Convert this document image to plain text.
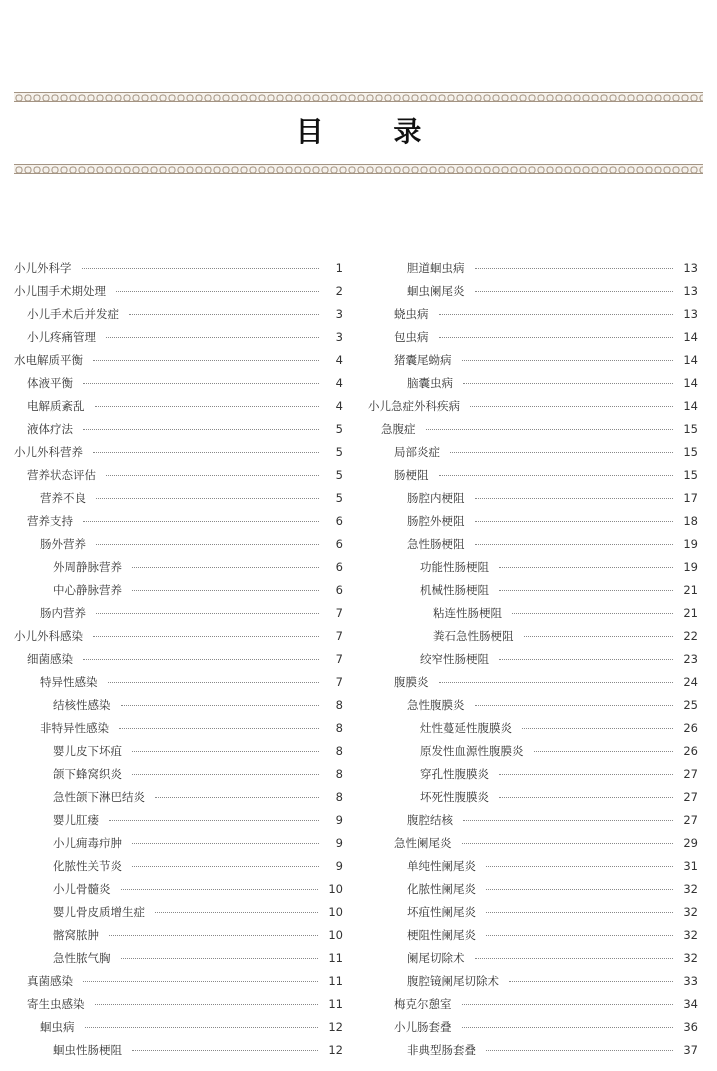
目 录
小儿外科学	1
小儿围手术期处理	2
小儿手术后并发症	3
小儿疼痛管理	3
水电解质平衡	4
体液平衡	4
电解质紊乱	4
液体疗法	5
小儿外科营养	5
营养状态评估	5
营养不良	5
营养支持	6
肠外营养	6
外周静脉营养	6
中心静脉营养	6
肠内营养	7
小儿外科感染	7
细菌感染	7
特异性感染	7
结核性感染	8
非特异性感染	8
婴儿皮下坏疽	8
颌下蜂窝织炎	8
急性颌下淋巴结炎	8
婴儿肛瘘	9
小儿痈毒疖肿	9
化脓性关节炎	9
小儿骨髓炎	10
婴儿骨皮质增生症	10
髂窝脓肿	10
急性脓气胸	11
真菌感染	11
寄生虫感染	11
蛔虫病	12
蛔虫性肠梗阻	12
胆道蛔虫病	13
蛔虫阑尾炎	13
蛲虫病	13
包虫病	14
猪囊尾蚴病	14
脑囊虫病	14
小儿急症外科疾病	14
急腹症	15
局部炎症	15
肠梗阻	15
肠腔内梗阻	17
肠腔外梗阻	18
急性肠梗阻	19
功能性肠梗阻	19
机械性肠梗阻	21
粘连性肠梗阻	21
粪石急性肠梗阻	22
绞窄性肠梗阻	23
腹膜炎	24
急性腹膜炎	25
灶性蔓延性腹膜炎	26
原发性血源性腹膜炎	26
穿孔性腹膜炎	27
坏死性腹膜炎	27
腹腔结核	27
急性阑尾炎	29
单纯性阑尾炎	31
化脓性阑尾炎	32
坏疽性阑尾炎	32
梗阻性阑尾炎	32
阑尾切除术	32
腹腔镜阑尾切除术	33
梅克尔憩室	34
小儿肠套叠	36
非典型肠套叠	37
